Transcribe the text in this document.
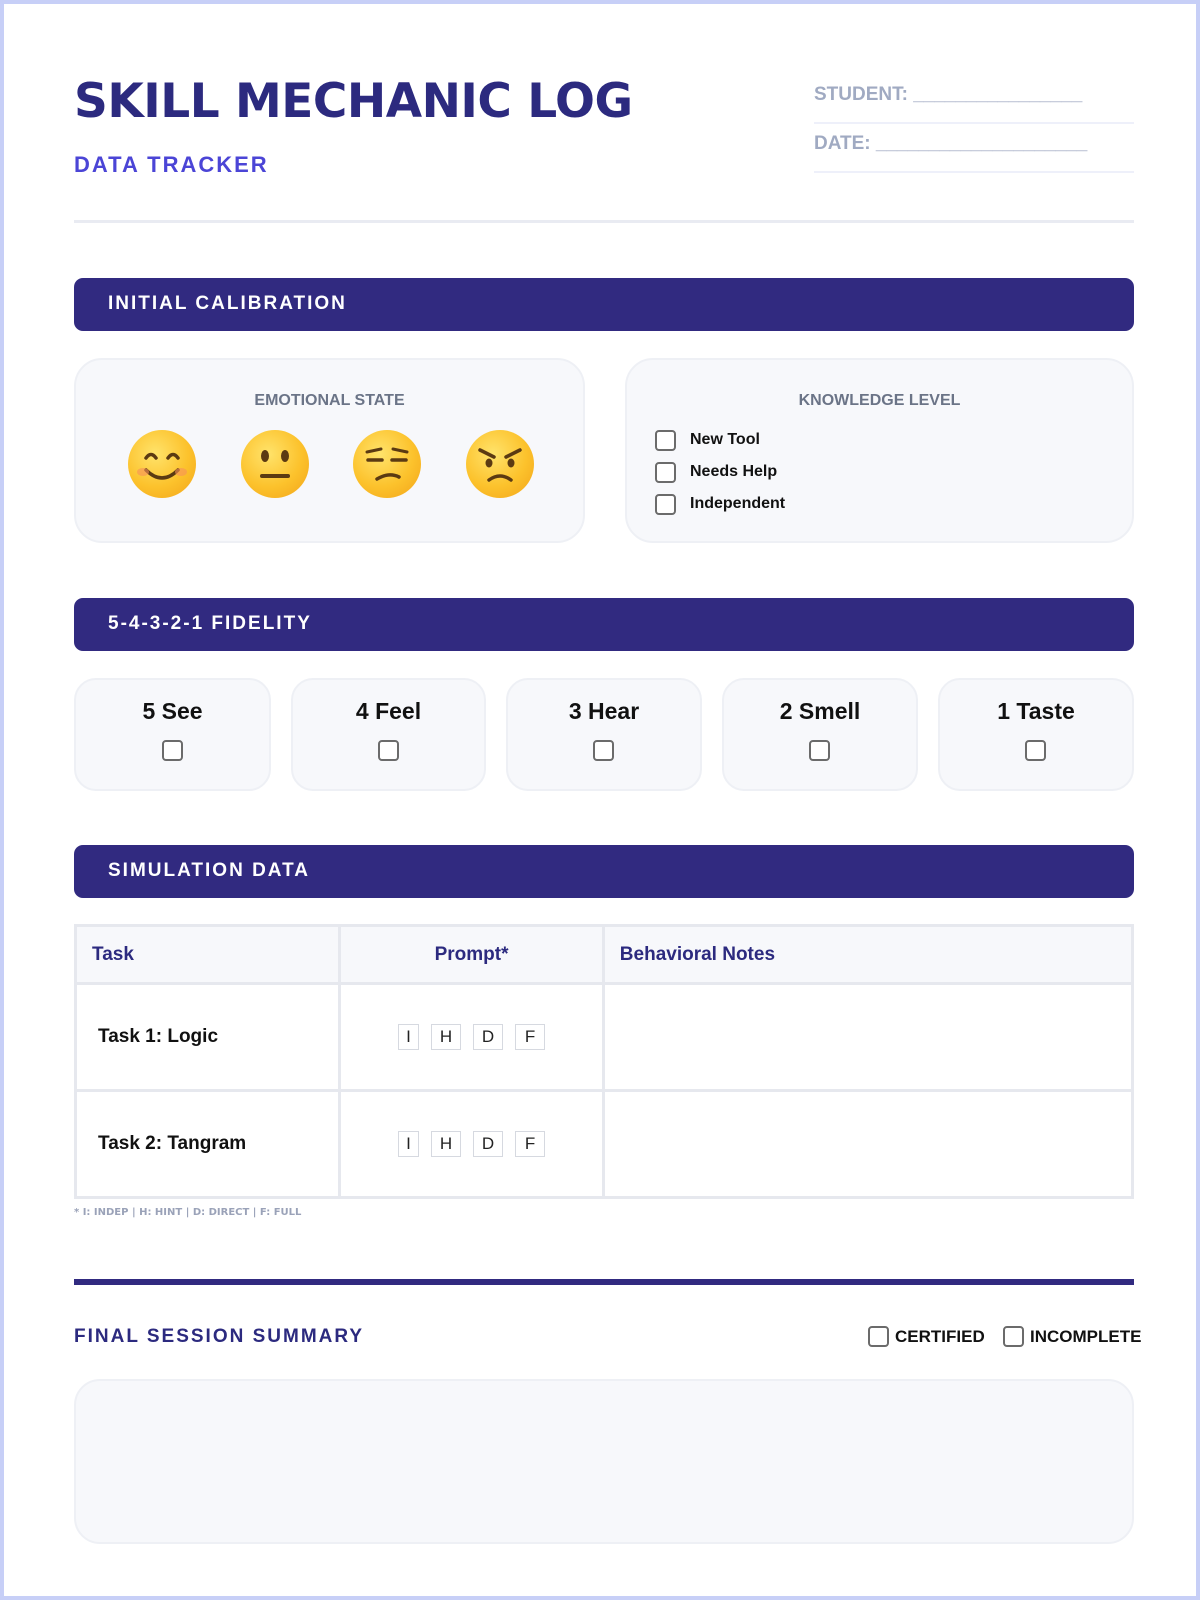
SKILL MECHANIC LOG
DATA TRACKER
STUDENT: ________________
DATE: ____________________
INITIAL CALIBRATION
EMOTIONAL STATE	KNOWLEDGE LEVEL
New Tool
Needs Help
Independent
5-4-3-2-1 FIDELITY
5 See	4 Feel	3 Hear	2 Smell	1 Taste
SIMULATION DATA
Task	Prompt*	Behavioral Notes
Task 1: Logic	I H D F	

Task 2: Tangram	I H D F	

* I: INDEP | H: HINT | D: DIRECT | F: FULL
FINAL SESSION SUMMARY	CERTIFIED	INCOMPLETE
